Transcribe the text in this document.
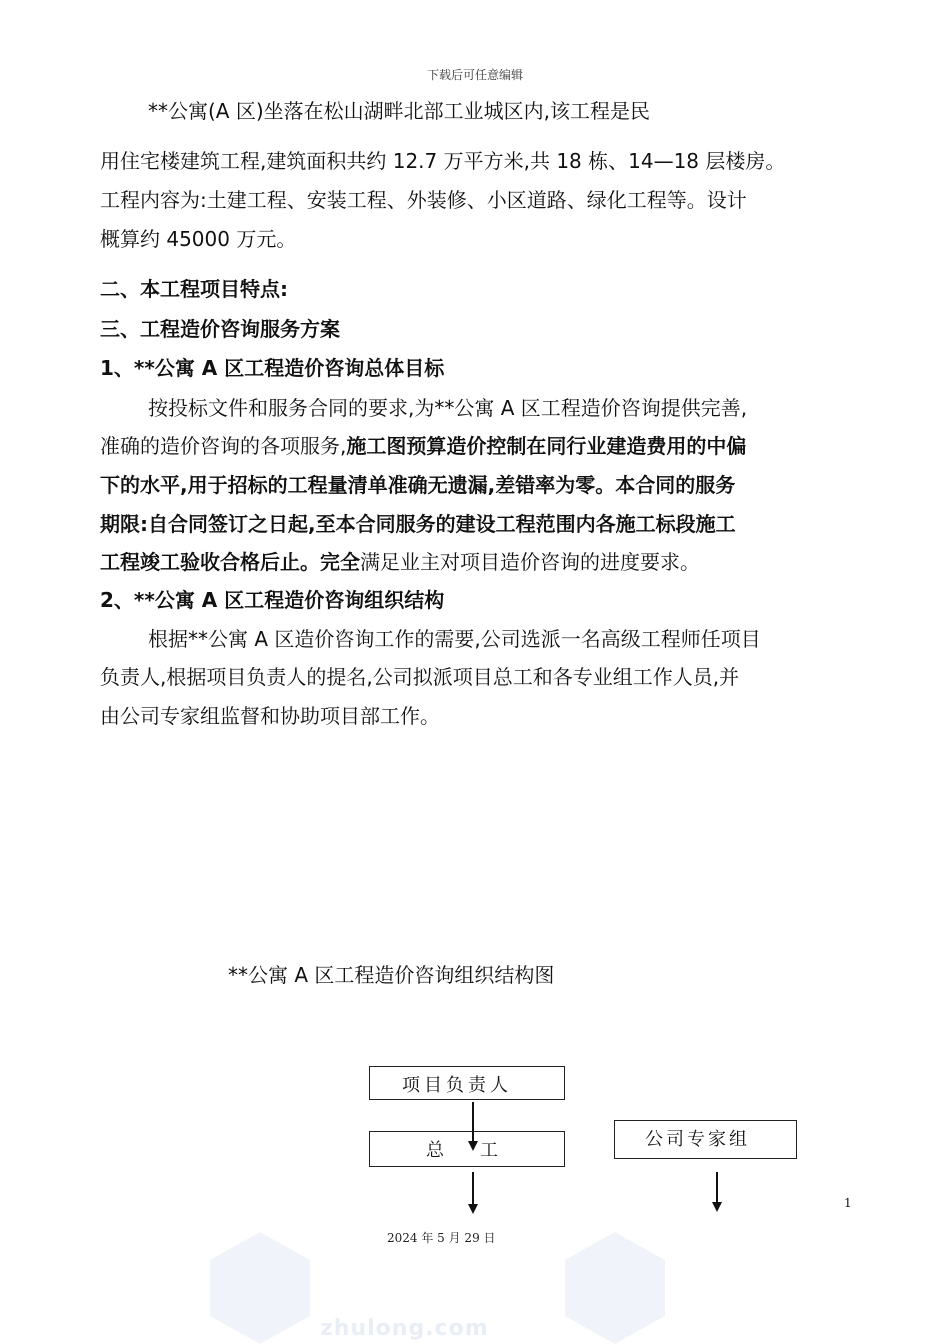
下载后可任意编辑
**公寓(A 区)坐落在松山湖畔北部工业城区内,该工程是民
用住宅楼建筑工程,建筑面积共约 12.7 万平方米,共 18 栋、14—18 层楼房。
工程内容为:土建工程、安装工程、外装修、小区道路、绿化工程等。设计
概算约 45000 万元。
二、本工程项目特点:
三、工程造价咨询服务方案
1、**公寓 A 区工程造价咨询总体目标
按投标文件和服务合同的要求,为**公寓 A 区工程造价咨询提供完善,
准确的造价咨询的各项服务,施工图预算造价控制在同行业建造费用的中偏
下的水平,用于招标的工程量清单准确无遗漏,差错率为零。本合同的服务
期限:自合同签订之日起,至本合同服务的建设工程范围内各施工标段施工
工程竣工验收合格后止。完全满足业主对项目造价咨询的进度要求。
2、**公寓 A 区工程造价咨询组织结构
根据**公寓 A 区造价咨询工作的需要,公司选派一名高级工程师任项目
负责人,根据项目负责人的提名,公司拟派项目总工和各专业组工作人员,并
由公司专家组监督和协助项目部工作。
**公寓 A 区工程造价咨询组织结构图
项目负责人
总 工
公司专家组
1
2024 年 5 月 29 日
zhulong.com
